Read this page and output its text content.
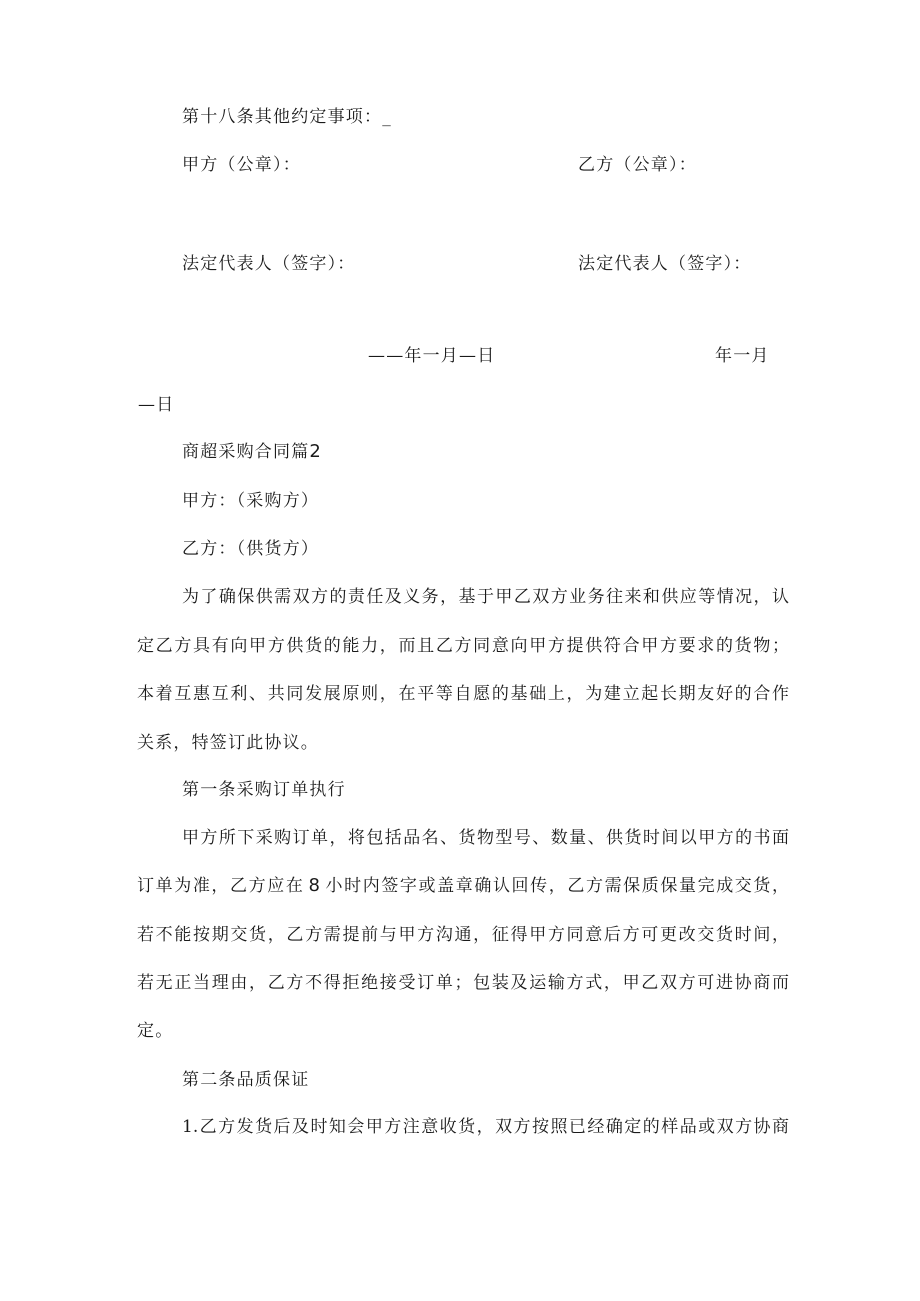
第十八条其他约定事项：_
甲方（公章）：	乙方（公章）：
法定代表人（签字）：	法定代表人（签字）：
——年一月—日	年一月
—日
商超采购合同篇2
甲方：（采购方）
乙方：（供货方）
为了确保供需双方的责任及义务，基于甲乙双方业务往来和供应等情况，认
定乙方具有向甲方供货的能力，而且乙方同意向甲方提供符合甲方要求的货物；
本着互惠互利、共同发展原则，在平等自愿的基础上，为建立起长期友好的合作
关系，特签订此协议。
第一条采购订单执行
甲方所下采购订单，将包括品名、货物型号、数量、供货时间以甲方的书面
订单为准，乙方应在 8 小时内签字或盖章确认回传，乙方需保质保量完成交货，
若不能按期交货，乙方需提前与甲方沟通，征得甲方同意后方可更改交货时间，
若无正当理由，乙方不得拒绝接受订单；包装及运输方式，甲乙双方可进协商而
定。
第二条品质保证
1.乙方发货后及时知会甲方注意收货，双方按照已经确定的样品或双方协商
